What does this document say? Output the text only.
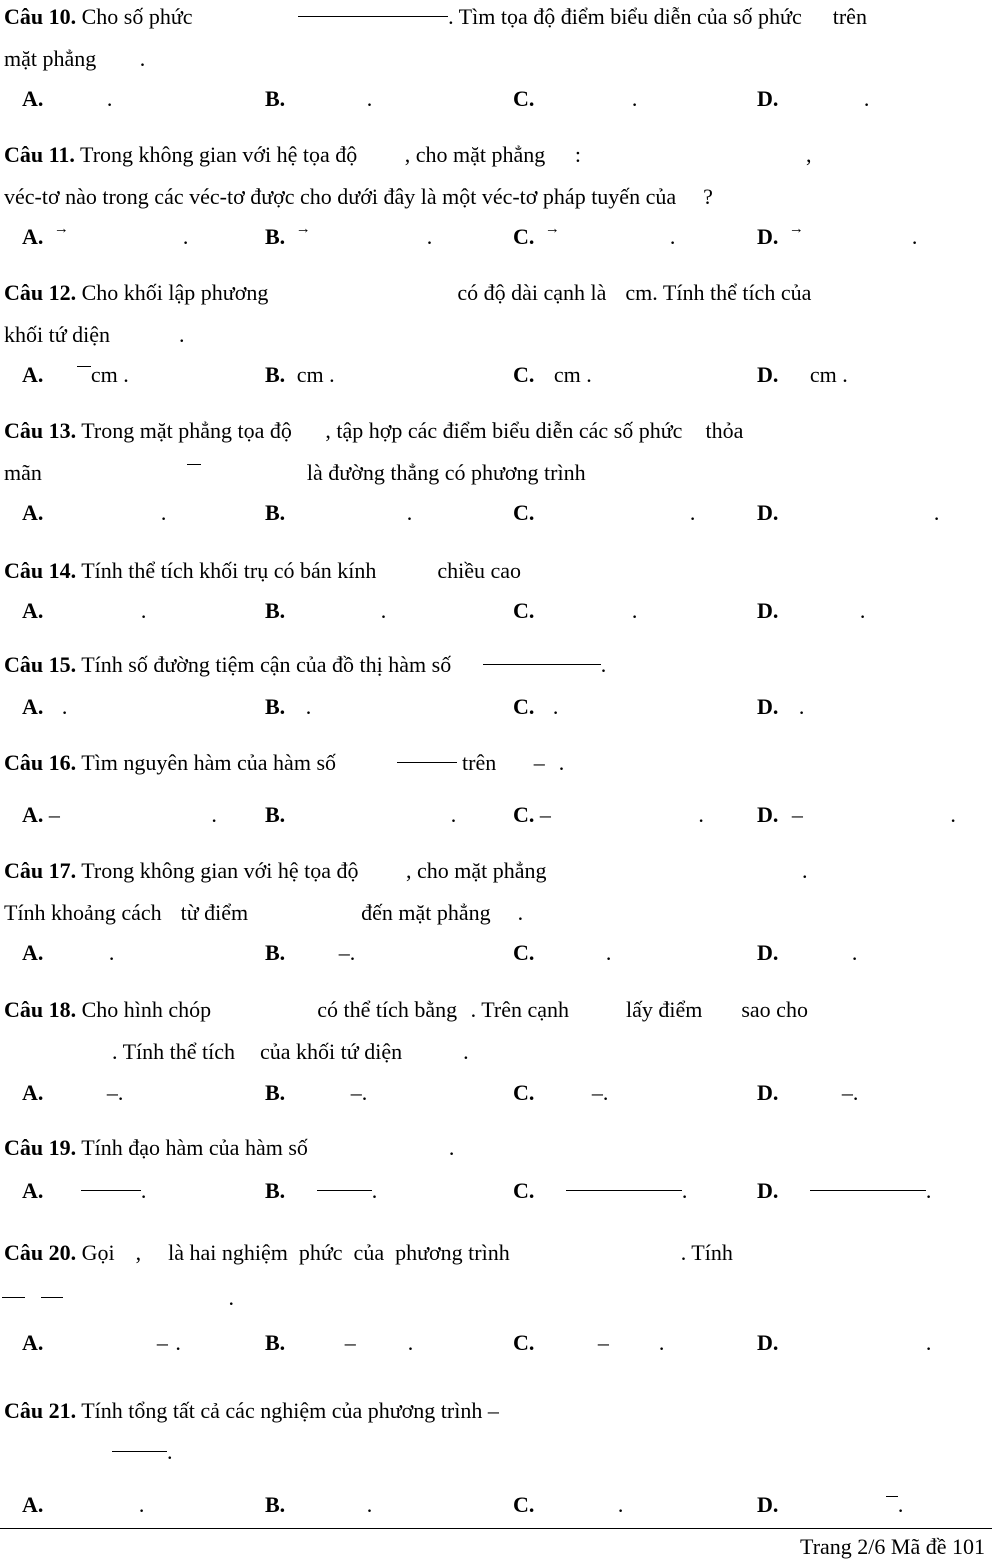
Trang 2/6 Mã đề 101
Câu 10. Cho số phức	. Tìm tọa độ điểm biểu diễn của số phức  trên
mặt phẳng .
A.	.	B.	.	C.	.	D.	.
Câu 11. Trong không gian với hệ tọa độ , cho mặt phẳng :	,
véc-tơ nào trong các véc-tơ được cho dưới đây là một véc-tơ pháp tuyến của  ?
A. →	.	B. →	.	C. →	.	D. →	.
Câu 12. Cho khối lập phương	có độ dài cạnh là  cm. Tính thể tích của
khối tứ diện	.
A. cm .	B. cm .	C. cm .	D. cm .
Câu 13. Trong mặt phẳng tọa độ , tập hợp các điểm biểu diễn các số phức  thỏa
mãn	là đường thẳng có phương trình
A.	.	B.	.	C.	.	D.	.
Câu 14. Tính thể tích khối trụ có bán kính  chiều cao
A.	.	B.	.	C.	.	D.	.
Câu 15. Tính số đường tiệm cận của đồ thị hàm số	.
A. .	B. .	C. .	D. .
Câu 16. Tìm nguyên hàm của hàm số	trên – .
A. –	. B.	.	C. –	. D. –	.
Câu 17. Trong không gian với hệ tọa độ , cho mặt phẳng	.
Tính khoảng cách  từ điểm	đến mặt phẳng  .
A.	.	B. –.	C.	.	D.	.
Câu 18. Cho hình chóp	có thể tích bằng . Trên cạnh  lấy điểm  sao cho
. Tính thể tích  của khối tứ diện  .
A.	–.	B.	–.	C. –.	D.	–.
Câu 19. Tính đạo hàm của hàm số	.
A.	.	B.	.	C.	.	D.	.
Câu 20. Gọi  ,  là hai nghiệm  phức  của  phương trình	. Tính
.
A.	– .	B. – .	C.	– .	D.	.
Câu 21. Tính tổng tất cả các nghiệm của phương trình –
.
A.	.	B.	.	C.	.	D.	.
